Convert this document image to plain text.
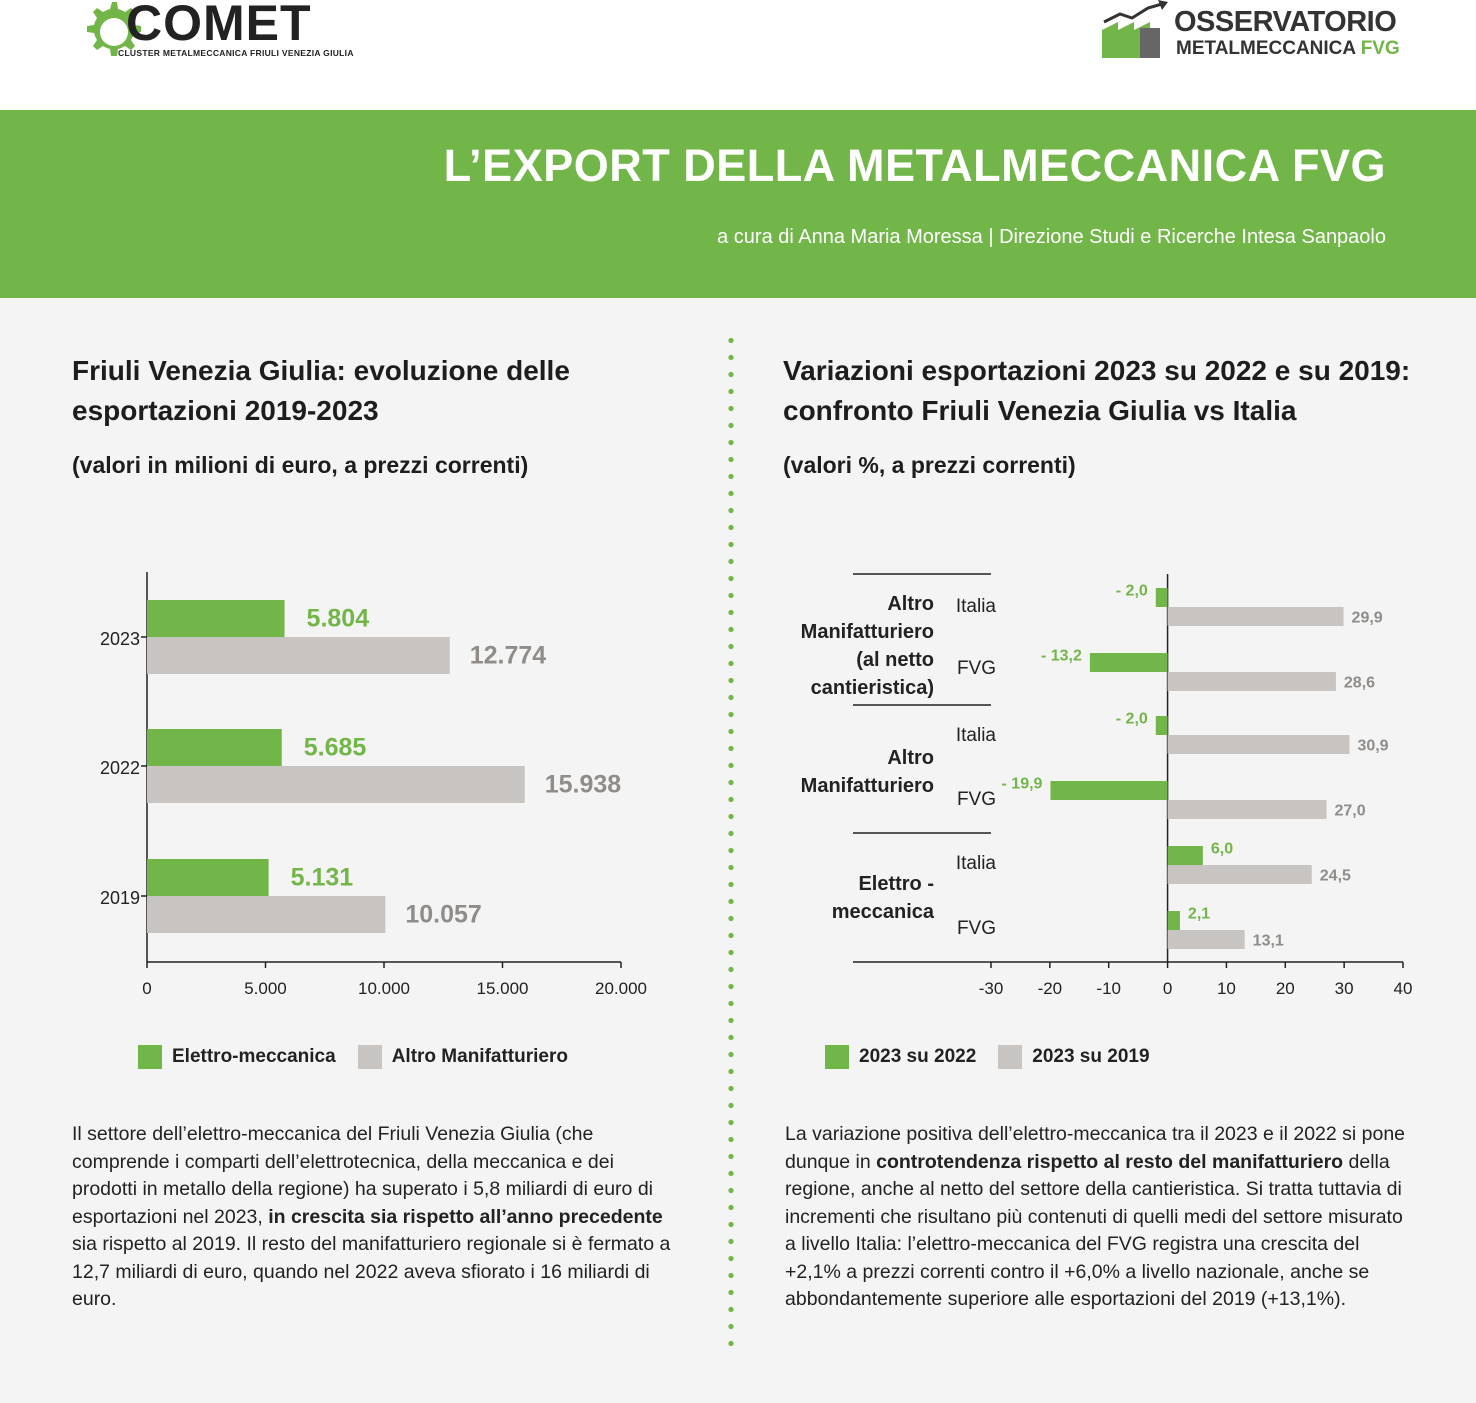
COMET
CLUSTER METALMECCANICA FRIULI VENEZIA GIULIA
OSSERVATORIO
METALMECCANICA FVG
L’EXPORT DELLA METALMECCANICA FVG
a cura di Anna Maria Moressa | Direzione Studi e Ricerche Intesa Sanpaolo
Friuli Venezia Giulia: evoluzione delle esportazioni 2019-2023
(valori in milioni di euro, a prezzi correnti)
Variazioni esportazioni 2023 su 2022 e su 2019: confronto Friuli Venezia Giulia vs Italia
(valori %, a prezzi correnti)
0	5.000	10.000	15.000	20.000
2023
5.804
12.774
2022
5.685
15.938
2019
5.131
10.057
-30 -20 -10 0	10 20 30 40
Altro
Manifatturiero
(al netto
cantieristica)
Altro
Manifatturiero
Elettro -
meccanica
Italia
- 2,0
29,9
FVG
- 13,2
28,6
Italia
- 2,0
30,9
FVG
- 19,9
27,0
Italia
6,0
24,5
FVG
2,1
13,1
Elettro-meccanica	Altro Manifatturiero	2023 su 2022	2023 su 2019
Il settore dell’elettro-meccanica del Friuli Venezia Giulia (che comprende i comparti dell’elettrotecnica, della meccanica e dei prodotti in metallo della regione) ha superato i 5,8 miliardi di euro di esportazioni nel 2023, in crescita sia rispetto all’anno precedente sia rispetto al 2019. Il resto del manifatturiero regionale si è fermato a 12,7 miliardi di euro, quando nel 2022 aveva sfiorato i 16 miliardi di euro.
La variazione positiva dell’elettro-meccanica tra il 2023 e il 2022 si pone dunque in controtendenza rispetto al resto del manifatturiero della regione, anche al netto del settore della cantieristica. Si tratta tuttavia di incrementi che risultano più contenuti di quelli medi del settore misurato a livello Italia: l’elettro-meccanica del FVG registra una crescita del +2,1% a prezzi correnti contro il +6,0% a livello nazionale, anche se abbondantemente superiore alle esportazioni del 2019 (+13,1%).
